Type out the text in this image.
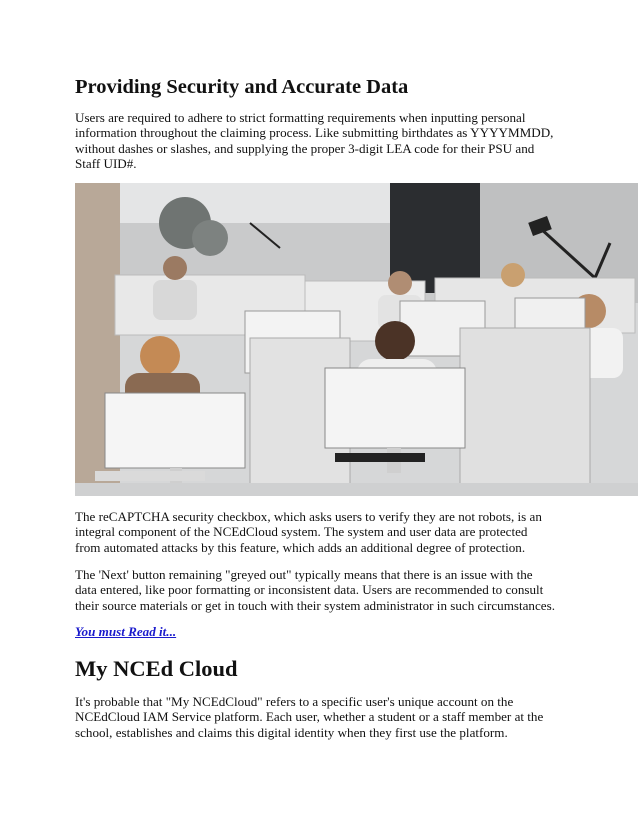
Providing Security and Accurate Data

Users are required to adhere to strict formatting requirements when inputting personal information throughout the claiming process. Like submitting birthdates as YYYYMMDD, without dashes or slashes, and supplying the proper 3-digit LEA code for their PSU and Staff UID#.

The reCAPTCHA security checkbox, which asks users to verify they are not robots, is an integral component of the NCEdCloud system. The system and user data are protected from automated attacks by this feature, which adds an additional degree of protection.

The 'Next' button remaining "greyed out" typically means that there is an issue with the data entered, like poor formatting or inconsistent data. Users are recommended to consult their source materials or get in touch with their system administrator in such circumstances.

You must Read it...
My NCEd Cloud

It's probable that "My NCEdCloud" refers to a specific user's unique account on the NCEdCloud IAM Service platform. Each user, whether a student or a staff member at the school, establishes and claims this digital identity when they first use the platform.
